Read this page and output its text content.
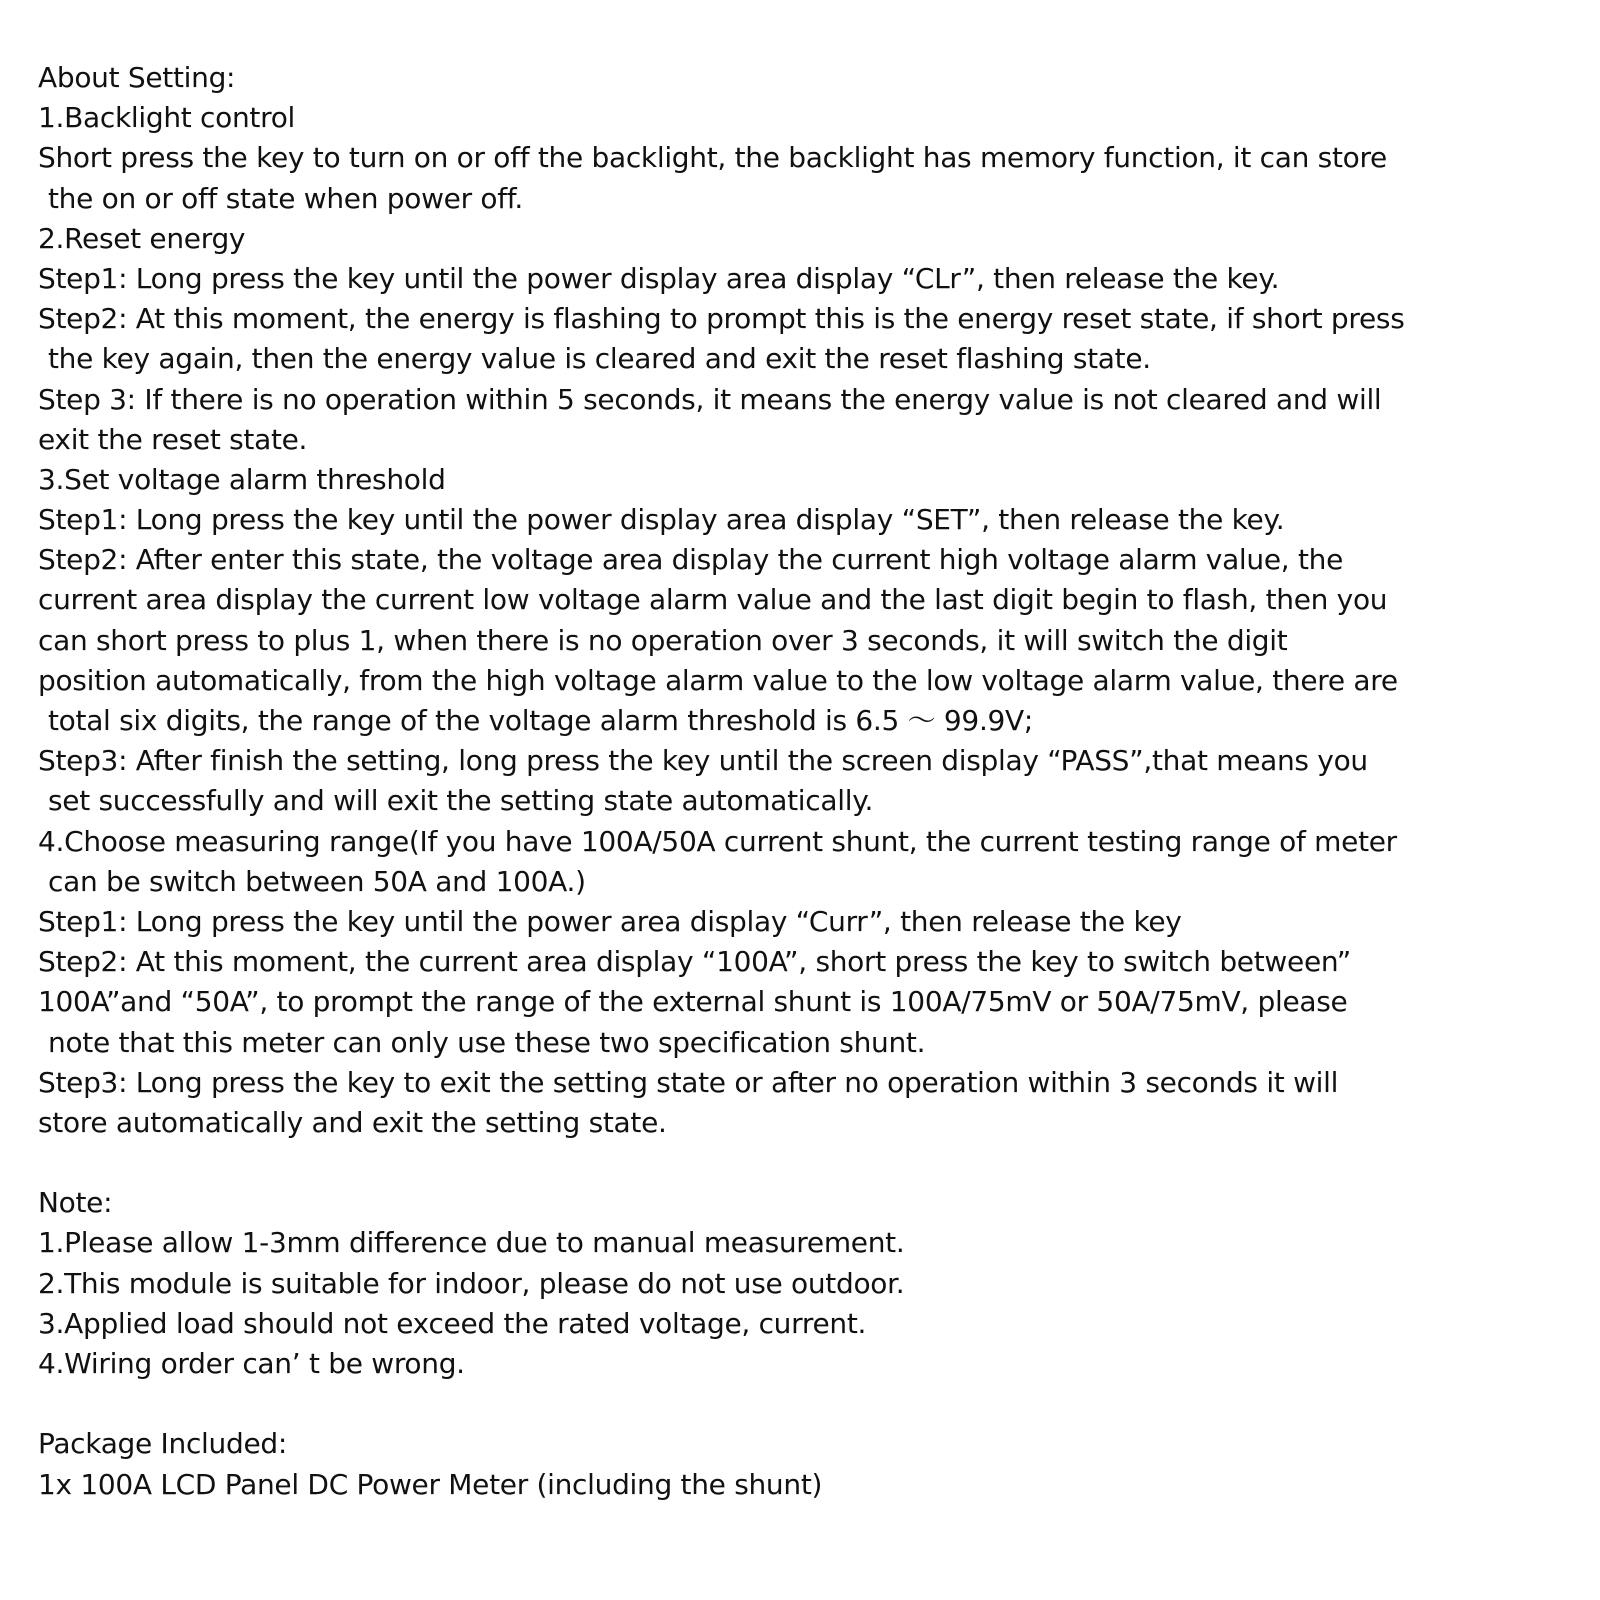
About Setting:
1.Backlight control
Short press the key to turn on or off the backlight, the backlight has memory function, it can store
the on or off state when power off.
2.Reset energy
Step1: Long press the key until the power display area display “CLr”, then release the key.
Step2: At this moment, the energy is flashing to prompt this is the energy reset state, if short press
the key again, then the energy value is cleared and exit the reset flashing state.
Step 3: If there is no operation within 5 seconds, it means the energy value is not cleared and will
exit the reset state.
3.Set voltage alarm threshold
Step1: Long press the key until the power display area display “SET”, then release the key.
Step2: After enter this state, the voltage area display the current high voltage alarm value, the
current area display the current low voltage alarm value and the last digit begin to flash, then you
can short press to plus 1, when there is no operation over 3 seconds, it will switch the digit
position automatically, from the high voltage alarm value to the low voltage alarm value, there are
total six digits, the range of the voltage alarm threshold is 6.5 ～ 99.9V;
Step3: After finish the setting, long press the key until the screen display “PASS”,that means you
set successfully and will exit the setting state automatically.
4.Choose measuring range(If you have 100A/50A current shunt, the current testing range of meter
can be switch between 50A and 100A.)
Step1: Long press the key until the power area display “Curr”, then release the key
Step2: At this moment, the current area display “100A”, short press the key to switch between”
100A”and “50A”, to prompt the range of the external shunt is 100A/75mV or 50A/75mV, please
note that this meter can only use these two specification shunt.
Step3: Long press the key to exit the setting state or after no operation within 3 seconds it will
store automatically and exit the setting state.
Note:
1.Please allow 1-3mm difference due to manual measurement.
2.This module is suitable for indoor, please do not use outdoor.
3.Applied load should not exceed the rated voltage, current.
4.Wiring order can’ t be wrong.
Package Included:
1x 100A LCD Panel DC Power Meter (including the shunt)
